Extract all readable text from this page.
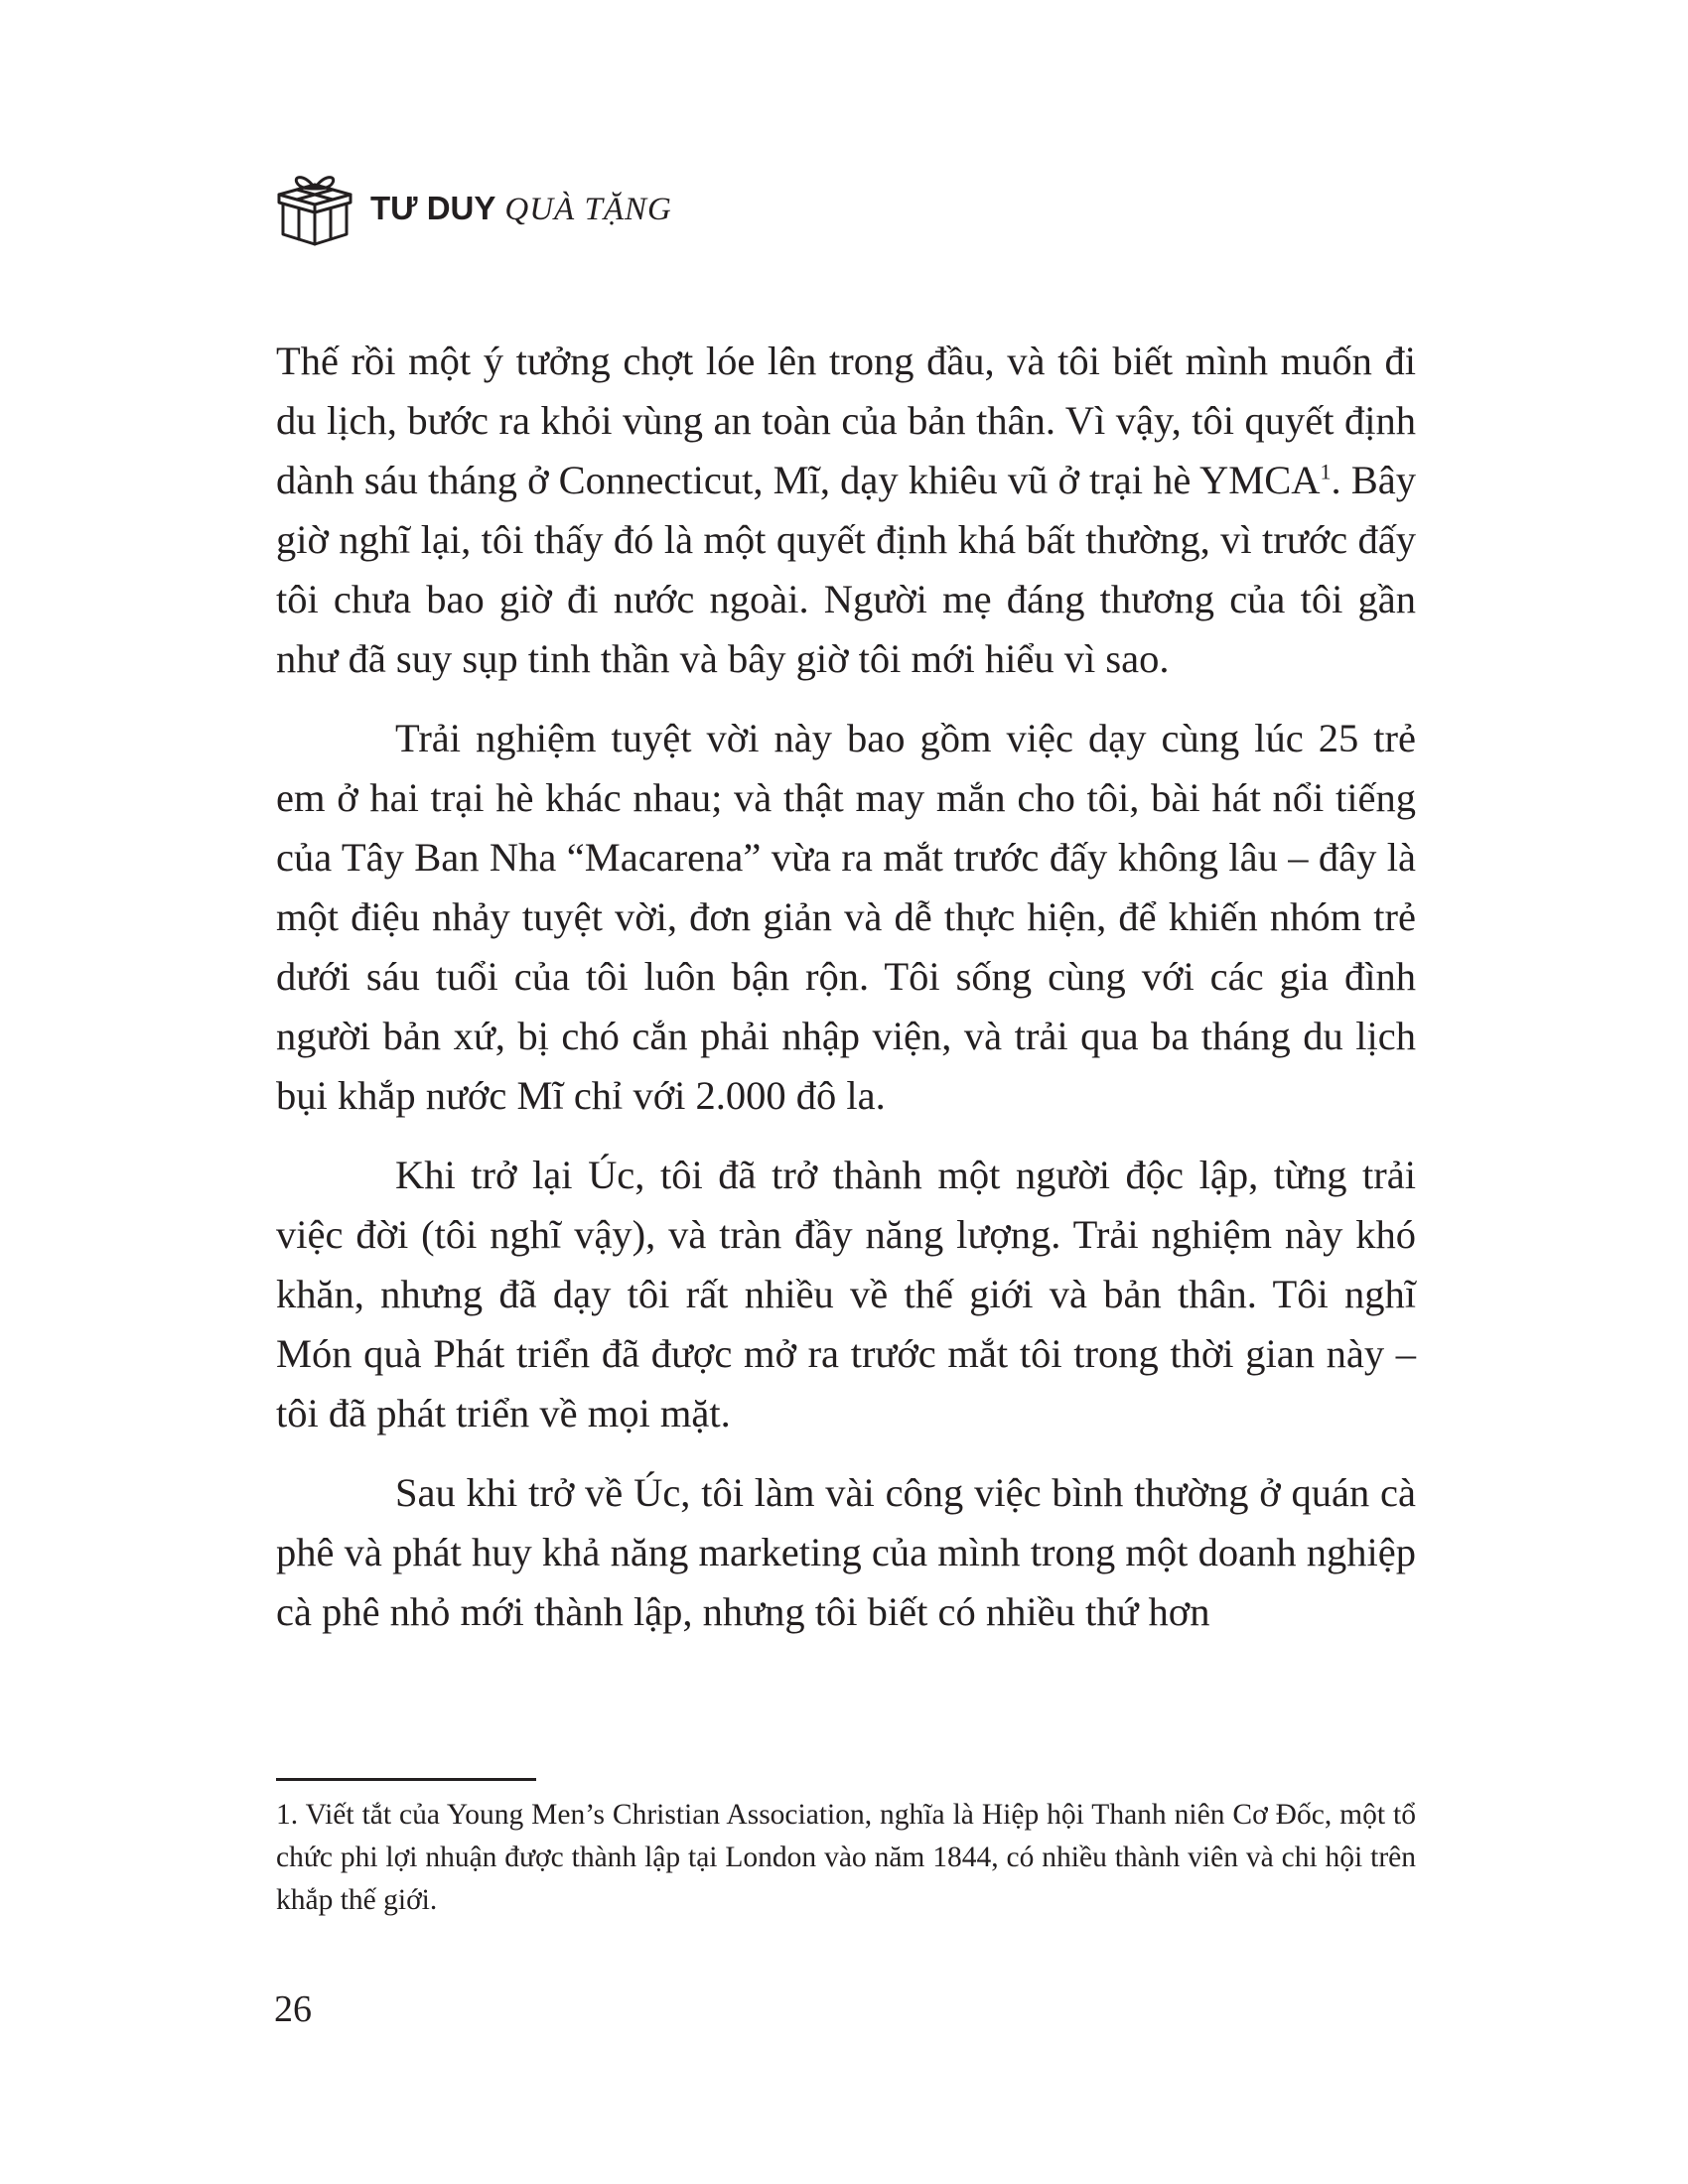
TƯ DUY QUÀ TẶNG

Thế rồi một ý tưởng chợt lóe lên trong đầu, và tôi biết mình muốn đi du lịch, bước ra khỏi vùng an toàn của bản thân. Vì vậy, tôi quyết định dành sáu tháng ở Connecticut, Mĩ, dạy khiêu vũ ở trại hè YMCA$^1$. Bây giờ nghĩ lại, tôi thấy đó là một quyết định khá bất thường, vì trước đấy tôi chưa bao giờ đi nước ngoài. Người mẹ đáng thương của tôi gần như đã suy sụp tinh thần và bây giờ tôi mới hiểu vì sao.

Trải nghiệm tuyệt vời này bao gồm việc dạy cùng lúc 25 trẻ em ở hai trại hè khác nhau; và thật may mắn cho tôi, bài hát nổi tiếng của Tây Ban Nha “Macarena” vừa ra mắt trước đấy không lâu – đây là một điệu nhảy tuyệt vời, đơn giản và dễ thực hiện, để khiến nhóm trẻ dưới sáu tuổi của tôi luôn bận rộn. Tôi sống cùng với các gia đình người bản xứ, bị chó cắn phải nhập viện, và trải qua ba tháng du lịch bụi khắp nước Mĩ chỉ với 2.000 đô la.

Khi trở lại Úc, tôi đã trở thành một người độc lập, từng trải việc đời (tôi nghĩ vậy), và tràn đầy năng lượng. Trải nghiệm này khó khăn, nhưng đã dạy tôi rất nhiều về thế giới và bản thân. Tôi nghĩ Món quà Phát triển đã được mở ra trước mắt tôi trong thời gian này – tôi đã phát triển về mọi mặt.

Sau khi trở về Úc, tôi làm vài công việc bình thường ở quán cà phê và phát huy khả năng marketing của mình trong một doanh nghiệp cà phê nhỏ mới thành lập, nhưng tôi biết có nhiều thứ hơn

1. Viết tắt của Young Men’s Christian Association, nghĩa là Hiệp hội Thanh niên Cơ Đốc, một tổ chức phi lợi nhuận được thành lập tại London vào năm 1844, có nhiều thành viên và chi hội trên khắp thế giới.
26
